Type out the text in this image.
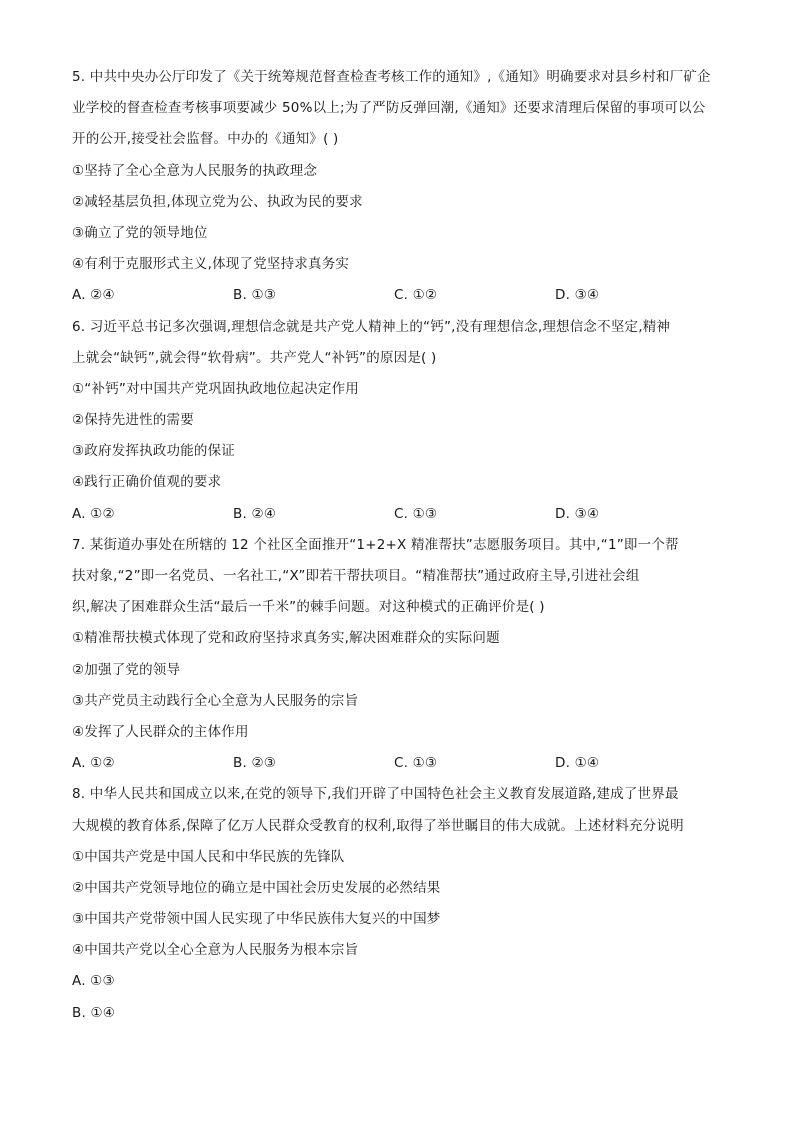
5. 中共中央办公厅印发了《关于统筹规范督查检查考核工作的通知》,《通知》明确要求对县乡村和厂矿企
业学校的督查检查考核事项要减少 50%以上;为了严防反弹回潮,《通知》还要求清理后保留的事项可以公
开的公开,接受社会监督。中办的《通知》( )
①坚持了全心全意为人民服务的执政理念
②减轻基层负担,体现立党为公、执政为民的要求
③确立了党的领导地位
④有利于克服形式主义,体现了党坚持求真务实
A. ②④	B. ①③	C. ①②	D. ③④
6. 习近平总书记多次强调,理想信念就是共产党人精神上的“钙”,没有理想信念,理想信念不坚定,精神
上就会“缺钙”,就会得“软骨病”。共产党人“补钙”的原因是( )
①“补钙”对中国共产党巩固执政地位起决定作用
②保持先进性的需要
③政府发挥执政功能的保证
④践行正确价值观的要求
A. ①②	B. ②④	C. ①③	D. ③④
7. 某街道办事处在所辖的 12 个社区全面推开“1+2+X 精准帮扶”志愿服务项目。其中,“1”即一个帮
扶对象,“2”即一名党员、一名社工,“X”即若干帮扶项目。“精准帮扶”通过政府主导,引进社会组
织,解决了困难群众生活“最后一千米”的棘手问题。对这种模式的正确评价是( )
①精准帮扶模式体现了党和政府坚持求真务实,解决困难群众的实际问题
②加强了党的领导
③共产党员主动践行全心全意为人民服务的宗旨
④发挥了人民群众的主体作用
A. ①②	B. ②③	C. ①③	D. ①④
8. 中华人民共和国成立以来,在党的领导下,我们开辟了中国特色社会主义教育发展道路,建成了世界最
大规模的教育体系,保障了亿万人民群众受教育的权利,取得了举世瞩目的伟大成就。上述材料充分说明
①中国共产党是中国人民和中华民族的先锋队
②中国共产党领导地位的确立是中国社会历史发展的必然结果
③中国共产党带领中国人民实现了中华民族伟大复兴的中国梦
④中国共产党以全心全意为人民服务为根本宗旨
A. ①③
B. ①④
